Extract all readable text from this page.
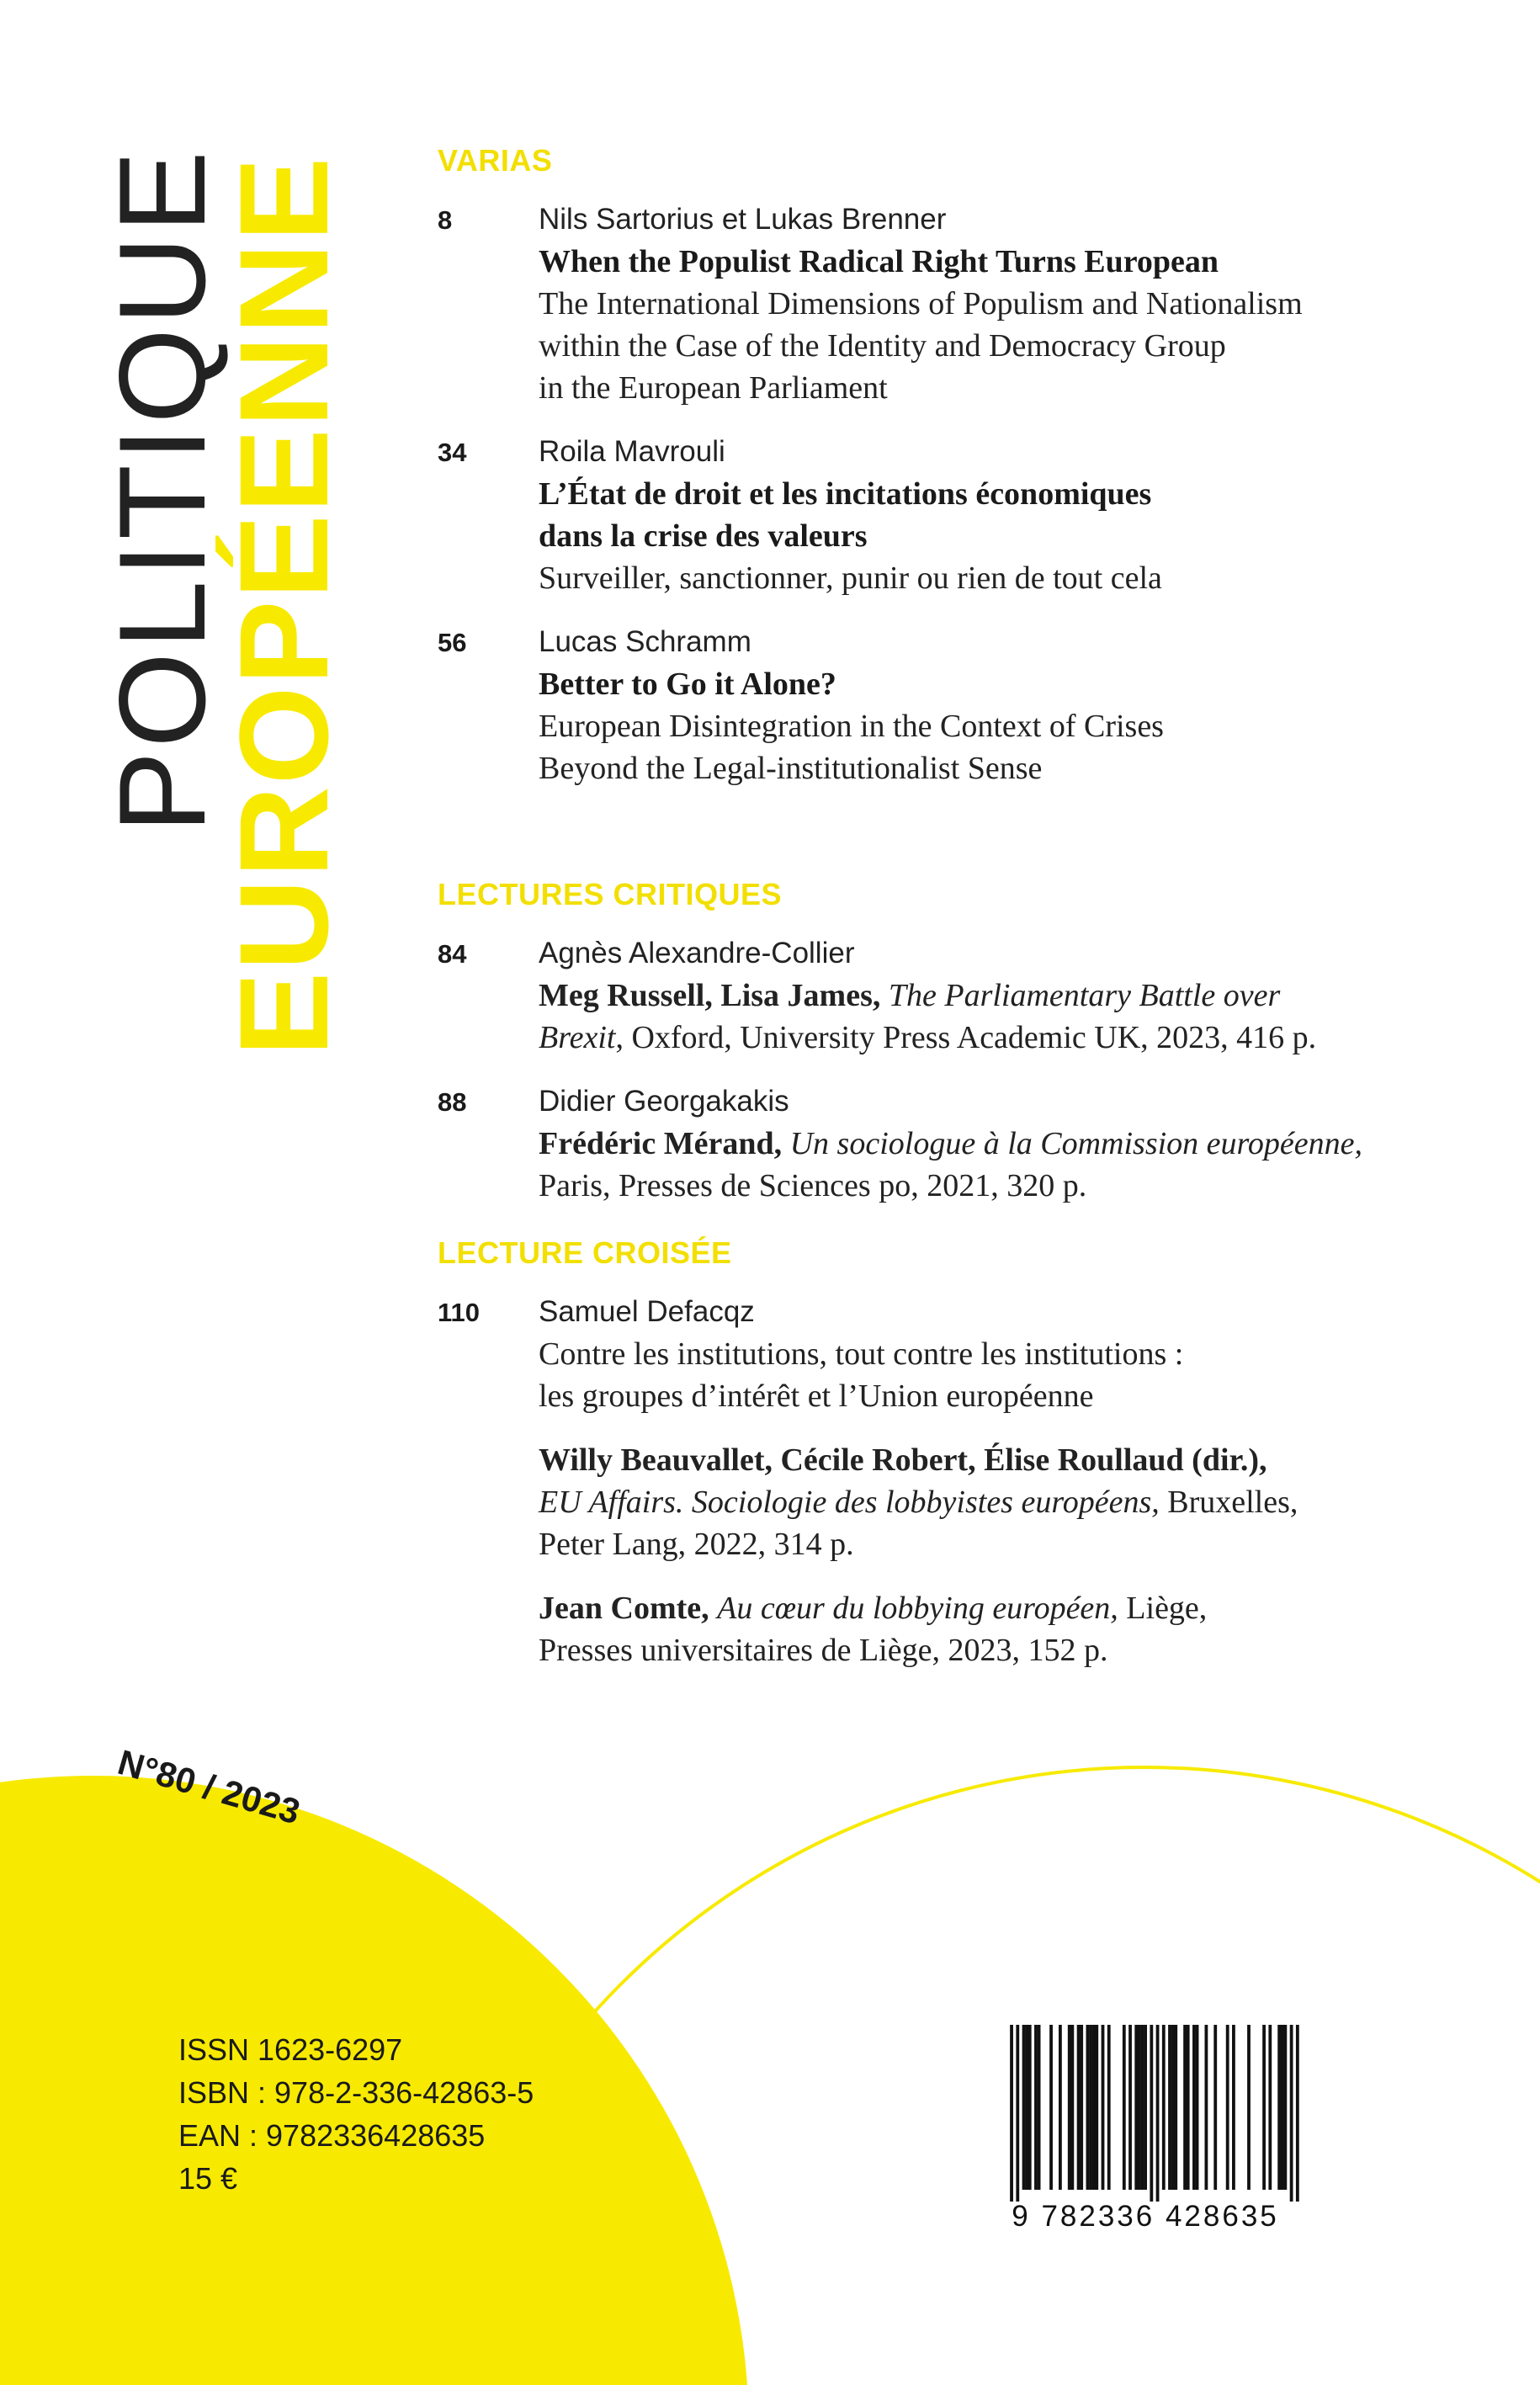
POLITIQUE
EUROPÉENNE	VARIAS
8	Nils Sartorius et Lukas Brenner
When the Populist Radical Right Turns European
The International Dimensions of Populism and Nationalism
within the Case of the Identity and Democracy Group
in the European Parliament
34	Roila Mavrouli
L’État de droit et les incitations économiques
dans la crise des valeurs
Surveiller, sanctionner, punir ou rien de tout cela
56	Lucas Schramm
Better to Go it Alone?
European Disintegration in the Context of Crises
Beyond the Legal-institutionalist Sense
LECTURES CRITIQUES
84	Agnès Alexandre-Collier
Meg Russell, Lisa James, The Parliamentary Battle over
Brexit, Oxford, University Press Academic UK, 2023, 416 p.
88	Didier Georgakakis
Frédéric Mérand, Un sociologue à la Commission européenne,
Paris, Presses de Sciences po, 2021, 320 p.
LECTURE CROISÉE
110	Samuel Defacqz
Contre les institutions, tout contre les institutions :
les groupes d’intérêt et l’Union européenne
Willy Beauvallet, Cécile Robert, Élise Roullaud (dir.),
EU Affairs. Sociologie des lobbyistes européens, Bruxelles,
Peter Lang, 2022, 314 p.
Jean Comte, Au cœur du lobbying européen, Liège,
Presses universitaires de Liège, 2023, 152 p.
N°80 / 2023
ISSN 1623-6297
ISBN : 978-2-336-42863-5
EAN : 9782336428635
15 €
9 782336 428635
